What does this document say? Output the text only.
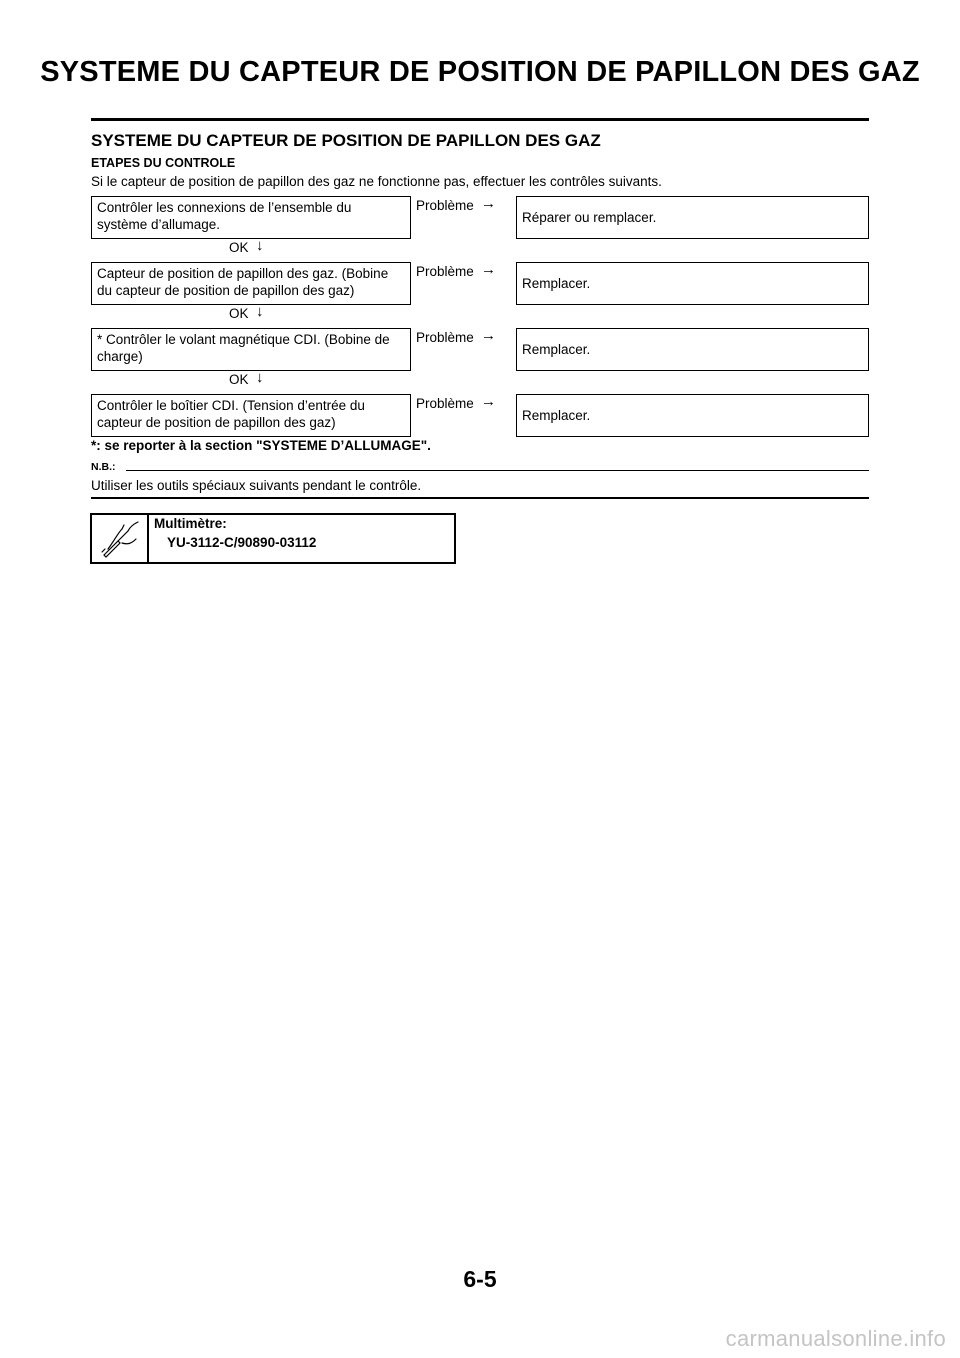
SYSTEME DU CAPTEUR DE POSITION DE PAPILLON DES GAZ
SYSTEME DU CAPTEUR DE POSITION DE PAPILLON DES GAZ
ETAPES DU CONTROLE
Si le capteur de position de papillon des gaz ne fonctionne pas, effectuer les contrôles suivants.
Contrôler les connexions de l’ensemble du système d’allumage.
Problème →
Réparer ou remplacer.
OK ↓
Capteur de position de papillon des gaz. (Bobine du capteur de position de papillon des gaz)
Problème →
Remplacer.
OK ↓
* Contrôler le volant magnétique CDI. (Bobine de charge)
Problème →
Remplacer.
OK ↓
Contrôler le boîtier CDI. (Tension d’entrée du capteur de position de papillon des gaz)
Problème →
Remplacer.
*: se reporter à la section "SYSTEME D’ALLUMAGE".
N.B.:
Utiliser les outils spéciaux suivants pendant le contrôle.
Multimètre:
YU-3112-C/90890-03112
6-5
carmanualsonline.info
